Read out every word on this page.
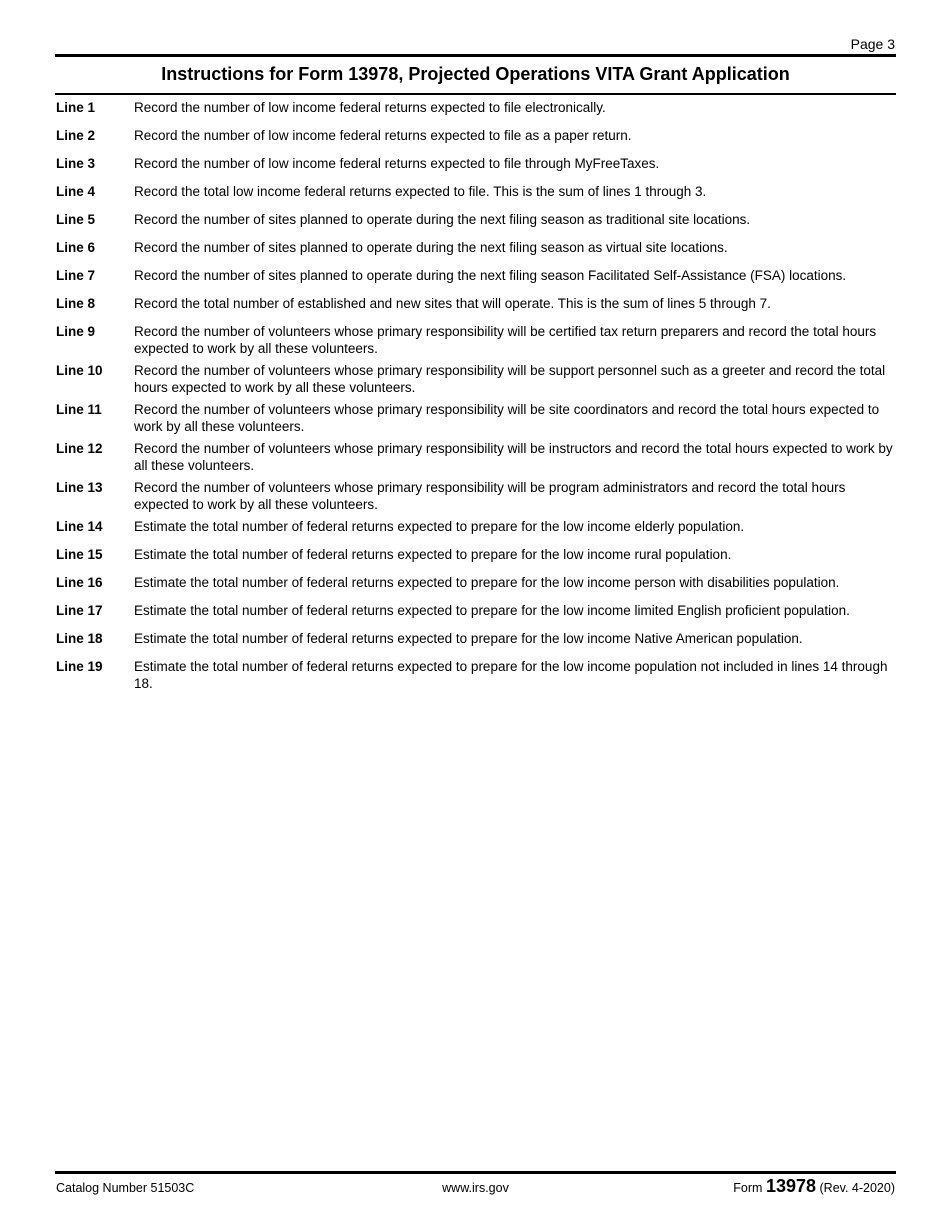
Page 3
Instructions for Form 13978, Projected Operations VITA Grant Application
Line 1	Record the number of low income federal returns expected to file electronically.
Line 2	Record the number of low income federal returns expected to file as a paper return.
Line 3	Record the number of low income federal returns expected to file through MyFreeTaxes.
Line 4	Record the total low income federal returns expected to file. This is the sum of lines 1 through 3.
Line 5	Record the number of sites planned to operate during the next filing season as traditional site locations.
Line 6	Record the number of sites planned to operate during the next filing season as virtual site locations.
Line 7	Record the number of sites planned to operate during the next filing season Facilitated Self-Assistance (FSA) locations.
Line 8	Record the total number of established and new sites that will operate. This is the sum of lines 5 through 7.
Line 9	Record the number of volunteers whose primary responsibility will be certified tax return preparers and record the total hours expected to work by all these volunteers.
Line 10	Record the number of volunteers whose primary responsibility will be support personnel such as a greeter and record the total hours expected to work by all these volunteers.
Line 11	Record the number of volunteers whose primary responsibility will be site coordinators and record the total hours expected to work by all these volunteers.
Line 12	Record the number of volunteers whose primary responsibility will be instructors and record the total hours expected to work by all these volunteers.
Line 13	Record the number of volunteers whose primary responsibility will be program administrators and record the total hours expected to work by all these volunteers.
Line 14	Estimate the total number of federal returns expected to prepare for the low income elderly population.
Line 15	Estimate the total number of federal returns expected to prepare for the low income rural population.
Line 16	Estimate the total number of federal returns expected to prepare for the low income person with disabilities population.
Line 17	Estimate the total number of federal returns expected to prepare for the low income limited English proficient population.
Line 18	Estimate the total number of federal returns expected to prepare for the low income Native American population.
Line 19	Estimate the total number of federal returns expected to prepare for the low income population not included in lines 14 through 18.
Catalog Number 51503C	www.irs.gov	Form 13978 (Rev. 4-2020)
